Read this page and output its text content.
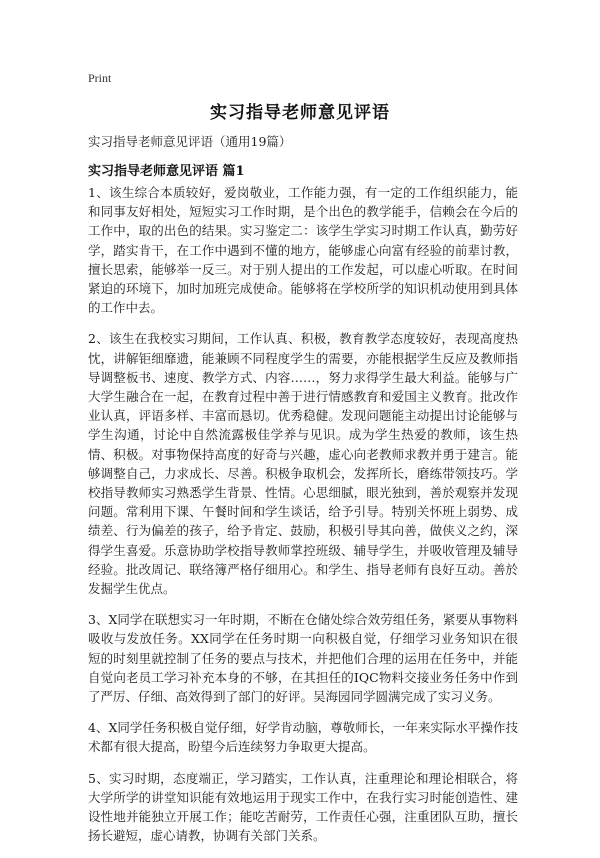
Print
实习指导老师意见评语
实习指导老师意见评语（通用19篇）
实习指导老师意见评语 篇1

1、该生综合本质较好，爱岗敬业，工作能力强，有一定的工作组织能力，能和同事友好相处，短短实习工作时期，是个出色的教学能手，信赖会在今后的工作中，取的出色的结果。实习鉴定二：该学生学实习时期工作认真，勤劳好学，踏实肯干，在工作中遇到不懂的地方，能够虚心向富有经验的前辈讨教，擅长思索，能够举一反三。对于别人提出的工作发起，可以虚心听取。在时间紧迫的环境下，加时加班完成使命。能够将在学校所学的知识机动使用到具体的工作中去。

2、该生在我校实习期间，工作认真、积极，教育教学态度较好，表现高度热忱，讲解钜细靡遗，能兼顾不同程度学生的需要，亦能根据学生反应及教师指导调整板书、速度、教学方式、内容……，努力求得学生最大利益。能够与广大学生融合在一起，在教育过程中善于进行情感教育和爱国主义教育。批改作业认真，评语多样、丰富而恳切。优秀稳健。发现问题能主动提出讨论能够与学生沟通，讨论中自然流露极佳学养与见识。成为学生热爱的教师，该生热情、积极。对事物保持高度的好奇与兴趣，虚心向老教师求教并勇于建言。能够调整自己，力求成长、尽善。积极争取机会，发挥所长，磨练带领技巧。学校指导教师实习熟悉学生背景、性情。心思细腻，眼光独到，善於观察并发现问题。常利用下课、午餐时间和学生谈话，给予引导。特别关怀班上弱势、成绩差、行为偏差的孩子，给予肯定、鼓励，积极引导其向善，做侠义之约，深得学生喜爱。乐意协助学校指导教师掌控班级、辅导学生，并吸收管理及辅导经验。批改周记、联络簿严格仔细用心。和学生、指导老师有良好互动。善於发掘学生优点。

3、X同学在联想实习一年时期，不断在仓储处综合效劳组任务，紧要从事物料吸收与发放任务。XX同学在任务时期一向积极自觉，仔细学习业务知识在很短的时刻里就控制了任务的要点与技术，并把他们合理的运用在任务中，并能自觉向老员工学习补充本身的不够，在其担任的IQC物料交接业务任务中作到了严厉、仔细、高效得到了部门的好评。吴海园同学圆满完成了实习义务。

4、X同学任务积极自觉仔细，好学肯动脑，尊敬师长，一年来实际水平操作技术都有很大提高，盼望今后连续努力争取更大提高。

5、实习时期，态度端正，学习踏实，工作认真，注重理论和理论相联合，将大学所学的讲堂知识能有效地运用于现实工作中，在我行实习时能创造性、建设性地并能独立开展工作；能吃苦耐劳，工作责任心强，注重团队互助，擅长扬长避短，虚心请教，协调有关部门关系。
